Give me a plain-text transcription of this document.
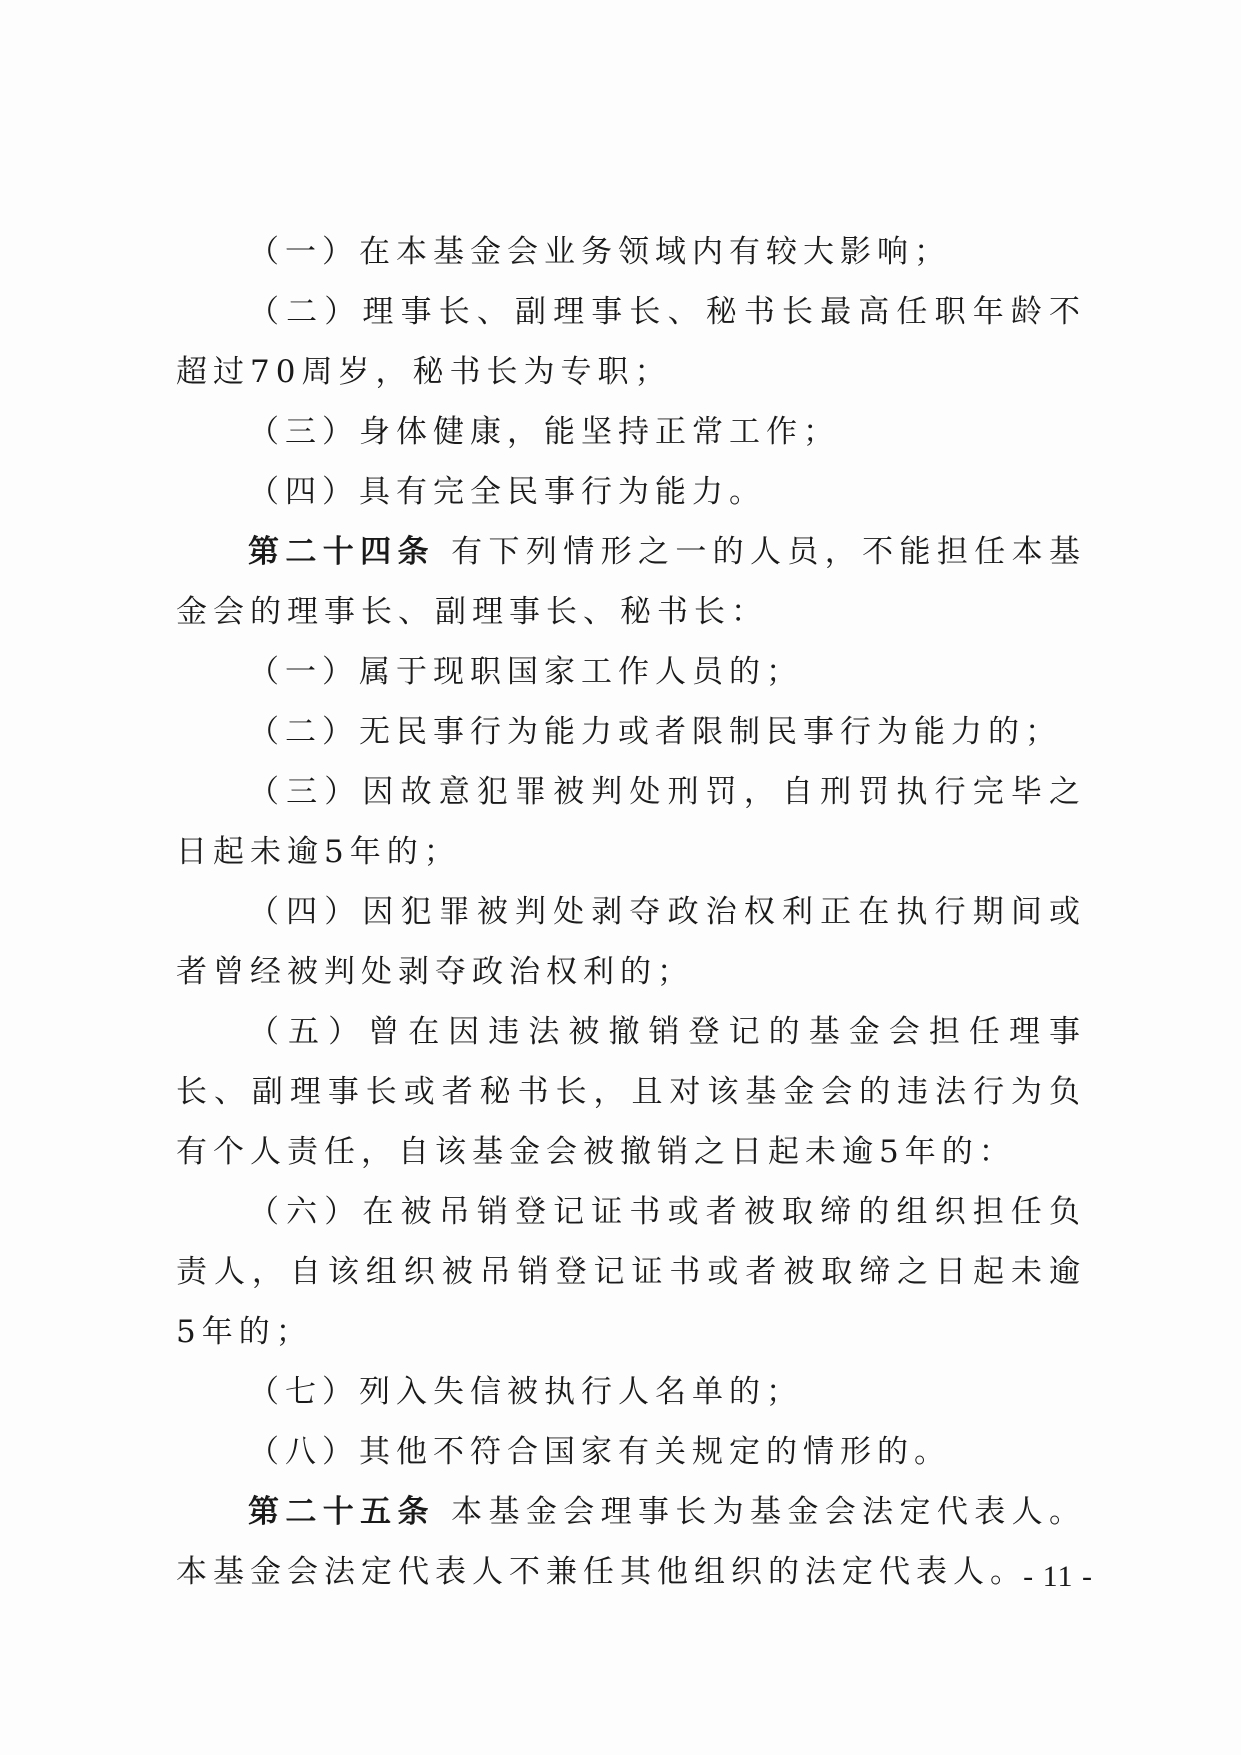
（一）在本基金会业务领域内有较大影响；

（二）理事长、副理事长、秘书长最高任职年龄不超过70周岁，秘书长为专职；

（三）身体健康，能坚持正常工作；

（四）具有完全民事行为能力。

第二十四条 有下列情形之一的人员，不能担任本基金会的理事长、副理事长、秘书长：

（一）属于现职国家工作人员的；

（二）无民事行为能力或者限制民事行为能力的；

（三）因故意犯罪被判处刑罚，自刑罚执行完毕之日起未逾5年的；

（四）因犯罪被判处剥夺政治权利正在执行期间或者曾经被判处剥夺政治权利的；

（五）曾在因违法被撤销登记的基金会担任理事长、副理事长或者秘书长，且对该基金会的违法行为负有个人责任，自该基金会被撤销之日起未逾5年的：

（六）在被吊销登记证书或者被取缔的组织担任负责人，自该组织被吊销登记证书或者被取缔之日起未逾5年的；

（七）列入失信被执行人名单的；

（八）其他不符合国家有关规定的情形的。

第二十五条 本基金会理事长为基金会法定代表人。本基金会法定代表人不兼任其他组织的法定代表人。

- 11 -
